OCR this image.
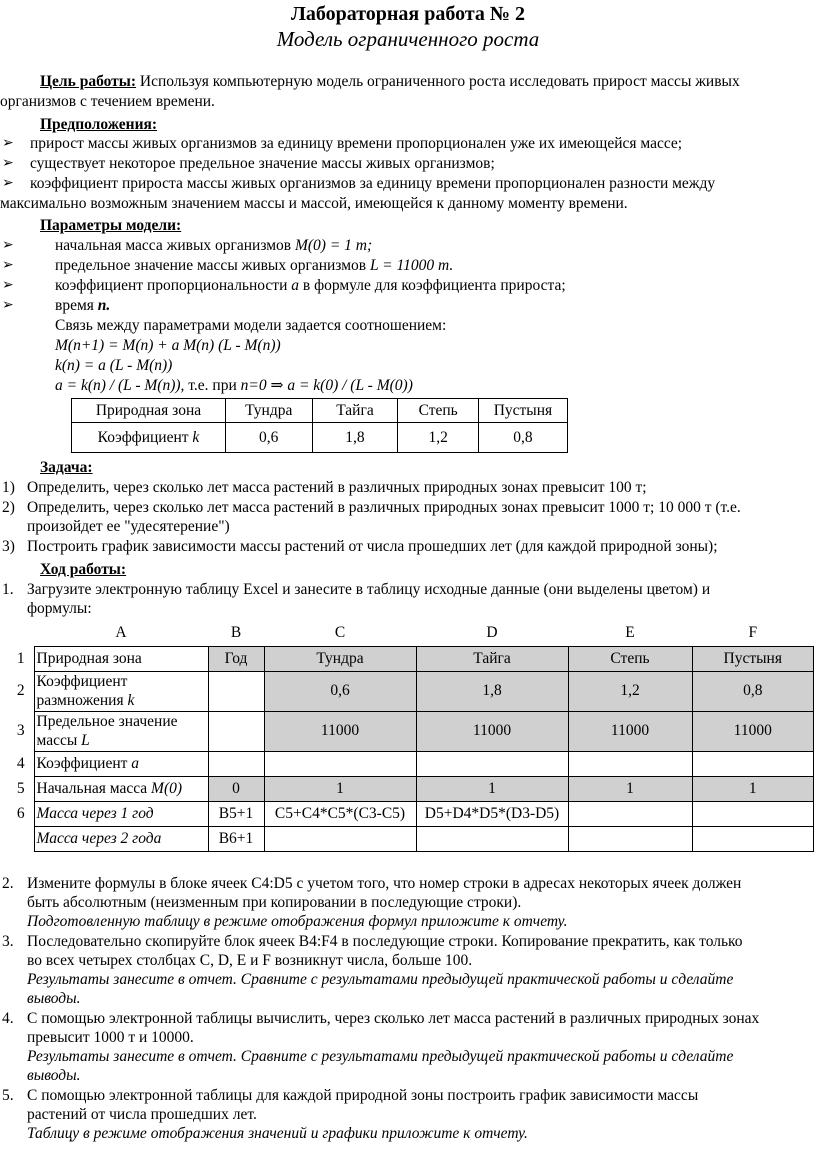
Лабораторная работа № 2
Модель ограниченного роста
Цель работы: Используя компьютерную модель ограниченного роста исследовать прирост массы живых
организмов с течением времени.
Предположения:
➢ прирост массы живых организмов за единицу времени пропорционален уже их имеющейся массе;
➢ существует некоторое предельное значение массы живых организмов;
➢ коэффициент прироста массы живых организмов за единицу времени пропорционален разности между
максимально возможным значением массы и массой, имеющейся к данному моменту времени.
Параметры модели:
➢	начальная масса живых организмов M(0) = 1 т;
➢	предельное значение массы живых организмов L = 11000 т.
➢	коэффициент пропорциональности a в формуле для коэффициента прироста;
➢	время n.
Связь между параметрами модели задается соотношением:
M(n+1) = M(n) + a M(n) (L - M(n))
k(n) = a (L - M(n))
a = k(n) / (L - M(n)), т.е. при n=0 ⇒ a = k(0) / (L - M(0))
Природная зона	Тундра	Тайга	Степь	Пустыня
Коэффициент k	0,6	1,8	1,2	0,8
Задача:
1) Определить, через сколько лет масса растений в различных природных зонах превысит 100 т;
2) Определить, через сколько лет масса растений в различных природных зонах превысит 1000 т; 10 000 т (т.е.
произойдет ее "удесятерение")
3) Построить график зависимости массы растений от числа прошедших лет (для каждой природной зоны);
Ход работы:
1. Загрузите электронную таблицу Excel и занесите в таблицу исходные данные (они выделены цветом) и
формулы:
	A	B	C	D	E	F
1	Природная зона	Год	Тундра	Тайга	Степь	Пустыня
2	Коэффициент
размножения k		0,6	1,8	1,2	0,8
3	Предельное значение
массы L		11000	11000	11000	11000
4	Коэффициент a					
5	Начальная масса M(0)	0	1	1	1	1
6	Масса через 1 год	B5+1	C5+C4*C5*(C3-C5)	D5+D4*D5*(D3-D5)		
	Масса через 2 года	B6+1				
2. Измените формулы в блоке ячеек C4:D5 с учетом того, что номер строки в адресах некоторых ячеек должен
быть абсолютным (неизменным при копировании в последующие строки).
Подготовленную таблицу в режиме отображения формул приложите к отчету.
3. Последовательно скопируйте блок ячеек B4:F4 в последующие строки. Копирование прекратить, как только
во всех четырех столбцах C, D, E и F возникнут числа, больше 100.
Результаты занесите в отчет. Сравните с результатами предыдущей практической работы и сделайте
выводы.
4. С помощью электронной таблицы вычислить, через сколько лет масса растений в различных природных зонах
превысит 1000 т и 10000.
Результаты занесите в отчет. Сравните с результатами предыдущей практической работы и сделайте
выводы.
5. С помощью электронной таблицы для каждой природной зоны построить график зависимости массы
растений от числа прошедших лет.
Таблицу в режиме отображения значений и графики приложите к отчету.
